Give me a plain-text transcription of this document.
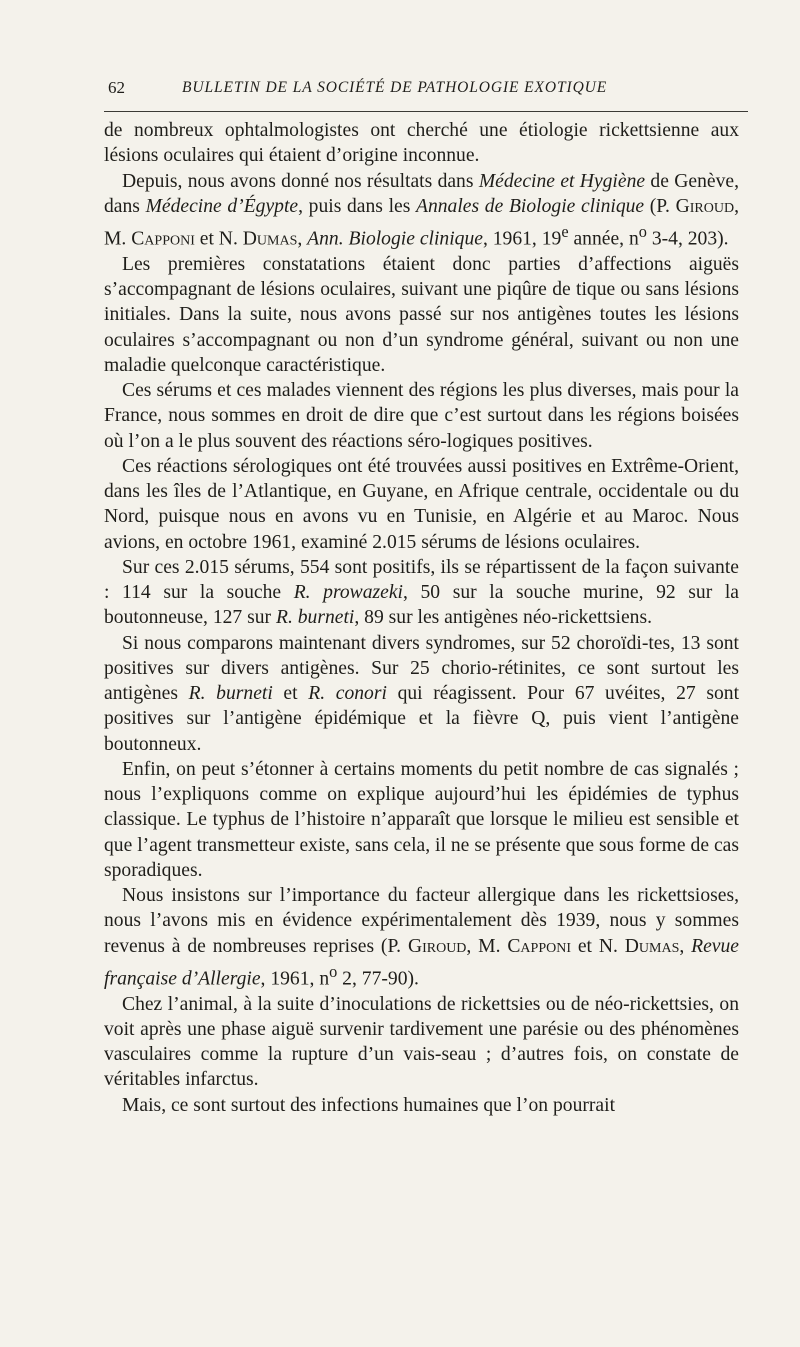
62	BULLETIN DE LA SOCIÉTÉ DE PATHOLOGIE EXOTIQUE

de nombreux ophtalmologistes ont cherché une étiologie rickettsienne aux lésions oculaires qui étaient d’origine inconnue.

Depuis, nous avons donné nos résultats dans Médecine et Hygiène de Genève, dans Médecine d’Égypte, puis dans les Annales de Biologie clinique (P. Giroud, M. Capponi et N. Dumas, Ann. Biologie clinique, 1961, 19e année, $n^o$ 3-4, 203).

Les premières constatations étaient donc parties d’affections aiguës s’accompagnant de lésions oculaires, suivant une piqûre de tique ou sans lésions initiales. Dans la suite, nous avons passé sur nos antigènes toutes les lésions oculaires s’accompagnant ou non d’un syndrome général, suivant ou non une maladie quelconque caractéristique.

Ces sérums et ces malades viennent des régions les plus diverses, mais pour la France, nous sommes en droit de dire que c’est surtout dans les régions boisées où l’on a le plus souvent des réactions séro-logiques positives.

Ces réactions sérologiques ont été trouvées aussi positives en Extrême-Orient, dans les îles de l’Atlantique, en Guyane, en Afrique centrale, occidentale ou du Nord, puisque nous en avons vu en Tunisie, en Algérie et au Maroc. Nous avions, en octobre 1961, examiné 2.015 sérums de lésions oculaires.

Sur ces 2.015 sérums, 554 sont positifs, ils se répartissent de la façon suivante : 114 sur la souche R. prowazeki, 50 sur la souche murine, 92 sur la boutonneuse, 127 sur R. burneti, 89 sur les antigènes néo-rickettsiens.

Si nous comparons maintenant divers syndromes, sur 52 choroïdi-tes, 13 sont positives sur divers antigènes. Sur 25 chorio-rétinites, ce sont surtout les antigènes R. burneti et R. conori qui réagissent. Pour 67 uvéites, 27 sont positives sur l’antigène épidémique et la fièvre Q, puis vient l’antigène boutonneux.

Enfin, on peut s’étonner à certains moments du petit nombre de cas signalés ; nous l’expliquons comme on explique aujourd’hui les épidémies de typhus classique. Le typhus de l’histoire n’apparaît que lorsque le milieu est sensible et que l’agent transmetteur existe, sans cela, il ne se présente que sous forme de cas sporadiques.

Nous insistons sur l’importance du facteur allergique dans les rickettsioses, nous l’avons mis en évidence expérimentalement dès 1939, nous y sommes revenus à de nombreuses reprises (P. Giroud, M. Capponi et N. Dumas, Revue française d’Allergie, 1961, $n^o$ 2, 77-90).

Chez l’animal, à la suite d’inoculations de rickettsies ou de néo-rickettsies, on voit après une phase aiguë survenir tardivement une parésie ou des phénomènes vasculaires comme la rupture d’un vais-seau ; d’autres fois, on constate de véritables infarctus.

Mais, ce sont surtout des infections humaines que l’on pourrait
